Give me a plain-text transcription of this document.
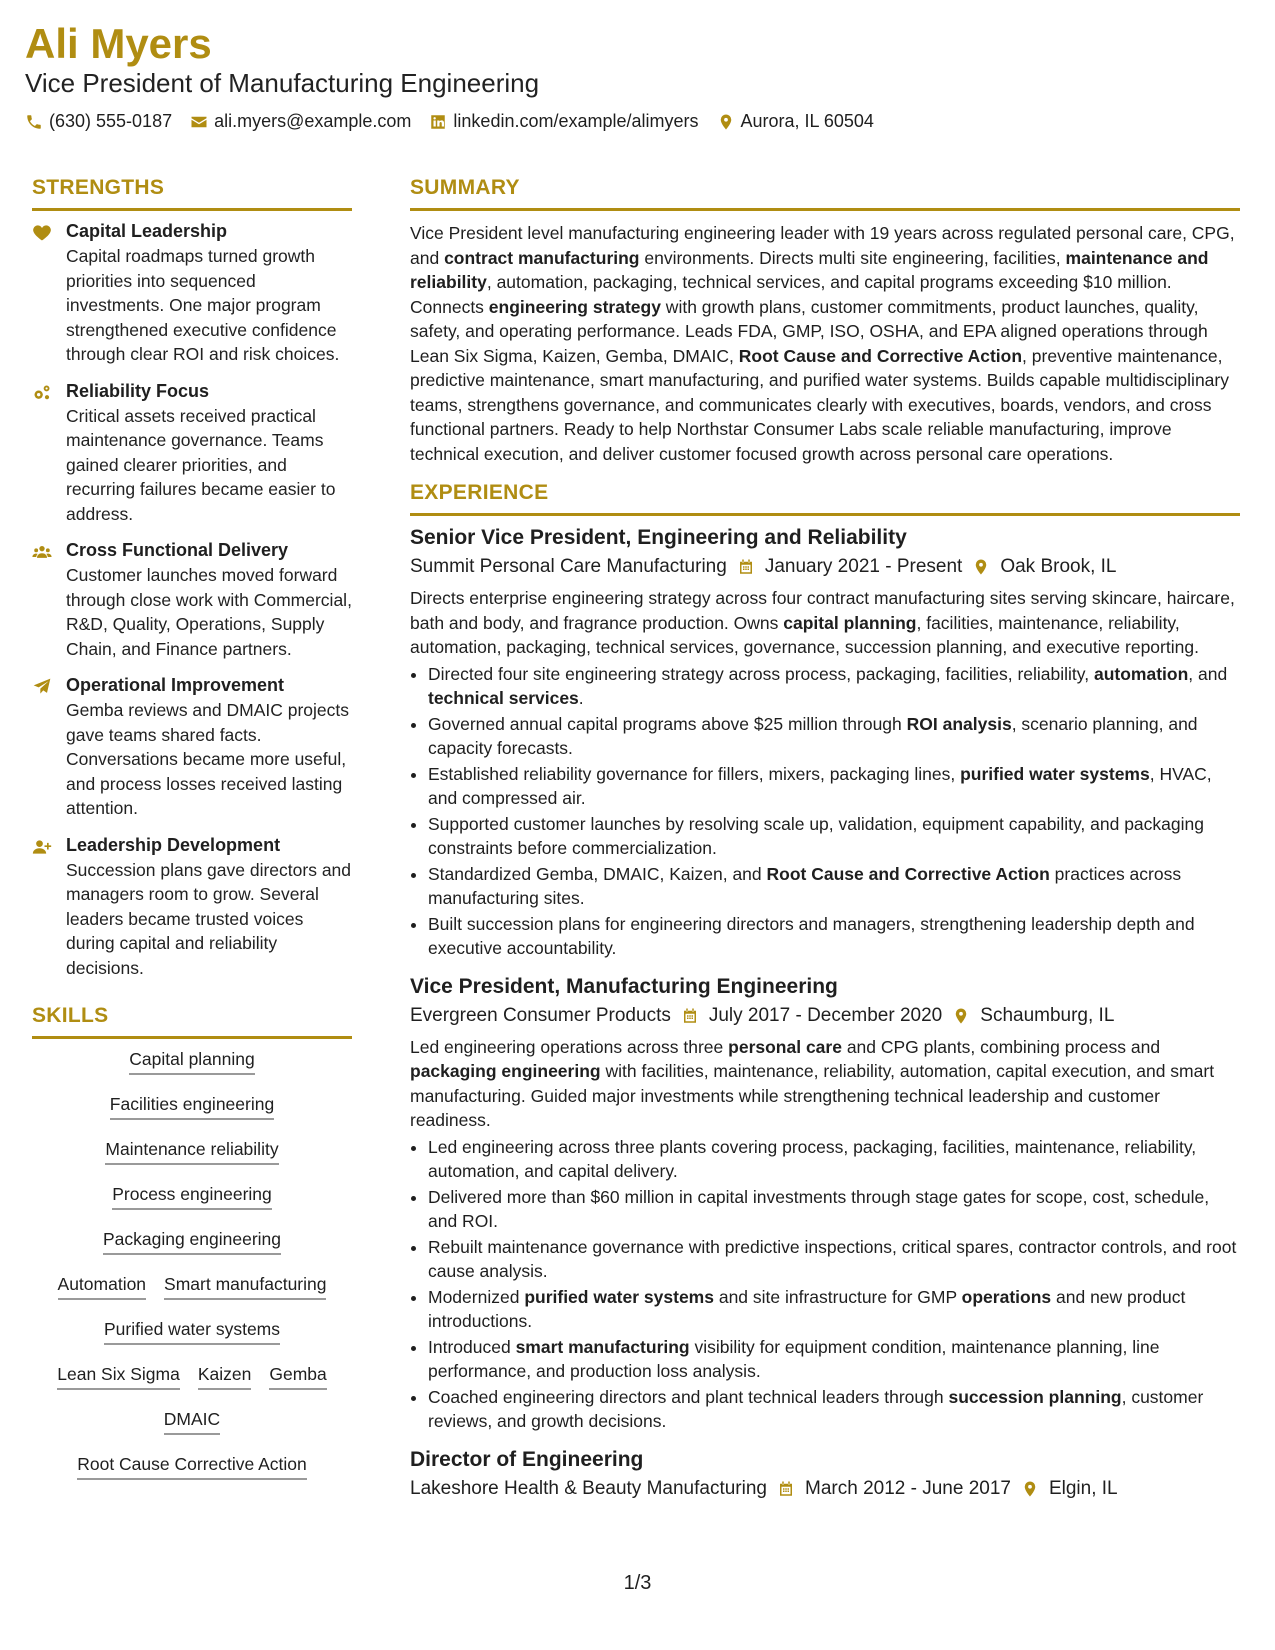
Ali Myers
Vice President of Manufacturing Engineering
(630) 555-0187 ali.myers@example.com linkedin.com/example/alimyers Aurora, IL 60504
STRENGTHS
Capital Leadership
Capital roadmaps turned growth priorities into sequenced investments. One major program strengthened executive confidence through clear ROI and risk choices.
Reliability Focus
Critical assets received practical maintenance governance. Teams gained clearer priorities, and recurring failures became easier to address.
Cross Functional Delivery
Customer launches moved forward through close work with Commercial, R&D, Quality, Operations, Supply Chain, and Finance partners.
Operational Improvement
Gemba reviews and DMAIC projects gave teams shared facts. Conversations became more useful, and process losses received lasting attention.
Leadership Development
Succession plans gave directors and managers room to grow. Several leaders became trusted voices during capital and reliability decisions.
SKILLS
Capital planning
Facilities engineering
Maintenance reliability
Process engineering
Packaging engineering
Automation Smart manufacturing
Purified water systems
Lean Six Sigma Kaizen Gemba
DMAIC
Root Cause Corrective Action
SUMMARY

Vice President level manufacturing engineering leader with 19 years across regulated personal care, CPG, and contract manufacturing environments. Directs multi site engineering, facilities, maintenance and reliability, automation, packaging, technical services, and capital programs exceeding $10 million. Connects engineering strategy with growth plans, customer commitments, product launches, quality, safety, and operating performance. Leads FDA, GMP, ISO, OSHA, and EPA aligned operations through Lean Six Sigma, Kaizen, Gemba, DMAIC, Root Cause and Corrective Action, preventive maintenance, predictive maintenance, smart manufacturing, and purified water systems. Builds capable multidisciplinary teams, strengthens governance, and communicates clearly with executives, boards, vendors, and cross functional partners. Ready to help Northstar Consumer Labs scale reliable manufacturing, improve technical execution, and deliver customer focused growth across personal care operations.

EXPERIENCE
Senior Vice President, Engineering and Reliability
Summit Personal Care Manufacturing January 2021 - Present Oak Brook, IL

Directs enterprise engineering strategy across four contract manufacturing sites serving skincare, haircare, bath and body, and fragrance production. Owns capital planning, facilities, maintenance, reliability, automation, packaging, technical services, governance, succession planning, and executive reporting.

• Directed four site engineering strategy across process, packaging, facilities, reliability, automation, and technical services.
• Governed annual capital programs above $25 million through ROI analysis, scenario planning, and capacity forecasts.
• Established reliability governance for fillers, mixers, packaging lines, purified water systems, HVAC, and compressed air.
• Supported customer launches by resolving scale up, validation, equipment capability, and packaging constraints before commercialization.
• Standardized Gemba, DMAIC, Kaizen, and Root Cause and Corrective Action practices across manufacturing sites.
• Built succession plans for engineering directors and managers, strengthening leadership depth and executive accountability.
Vice President, Manufacturing Engineering
Evergreen Consumer Products July 2017 - December 2020 Schaumburg, IL

Led engineering operations across three personal care and CPG plants, combining process and packaging engineering with facilities, maintenance, reliability, automation, capital execution, and smart manufacturing. Guided major investments while strengthening technical leadership and customer readiness.

• Led engineering across three plants covering process, packaging, facilities, maintenance, reliability, automation, and capital delivery.
• Delivered more than $60 million in capital investments through stage gates for scope, cost, schedule, and ROI.
• Rebuilt maintenance governance with predictive inspections, critical spares, contractor controls, and root cause analysis.
• Modernized purified water systems and site infrastructure for GMP operations and new product introductions.
• Introduced smart manufacturing visibility for equipment condition, maintenance planning, line performance, and production loss analysis.
• Coached engineering directors and plant technical leaders through succession planning, customer reviews, and growth decisions.
Director of Engineering
Lakeshore Health & Beauty Manufacturing March 2012 - June 2017 Elgin, IL
1/3
